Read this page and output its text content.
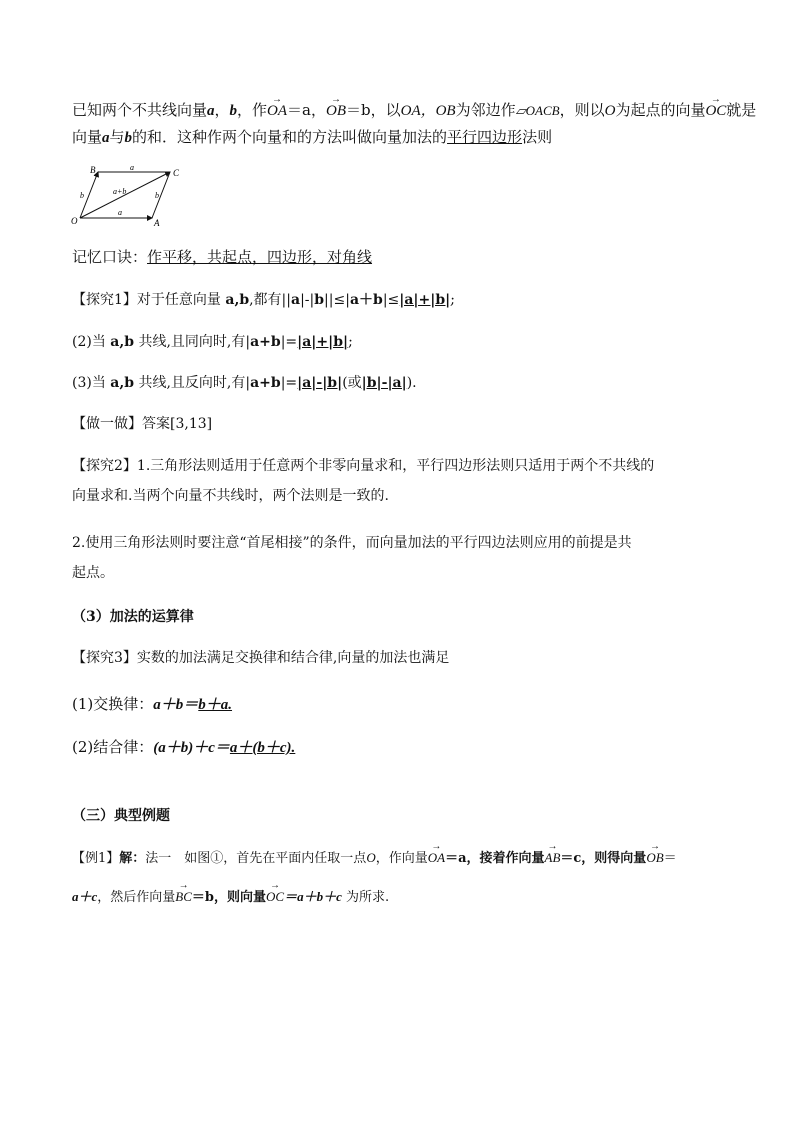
已知两个不共线向量a，b，作→ OA＝a，→ OB＝b，以OA，OB为邻边作▱OACB，则以O为起点的向量→ OC就是
向量a与b的和．这种作两个向量和的方法叫做向量加法的平行四边形法则
B	C
O	A
a
a
b	b
a+b
记忆口诀：作平移，共起点，四边形，对角线
【探究1】对于任意向量 a,b,都有||a|-|b||≤|a＋b|≤|a|+|b|;
(2)当 a,b 共线,且同向时,有|a+b|=|a|+|b|;
(3)当 a,b 共线,且反向时,有|a+b|=|a|-|b|(或|b|-|a|).
【做一做】答案[3,13]
【探究2】1.三角形法则适用于任意两个非零向量求和，平行四边形法则只适用于两个不共线的
向量求和.当两个向量不共线时，两个法则是一致的.
2.使用三角形法则时要注意“首尾相接”的条件，而向量加法的平行四边法则应用的前提是共
起点。
（3）加法的运算律
【探究3】实数的加法满足交换律和结合律,向量的加法也满足
(1)交换律：a＋b＝b＋a.
(2)结合律：(a＋b)＋c＝a＋(b＋c).
（三）典型例题
【例1】解：法一　如图①，首先在平面内任取一点O，作向量→ OA＝a，接着作向量→ AB＝c，则得向量→ OB＝
a＋c，然后作向量→ BC＝b，则向量→ OC＝a＋b＋c 为所求.
